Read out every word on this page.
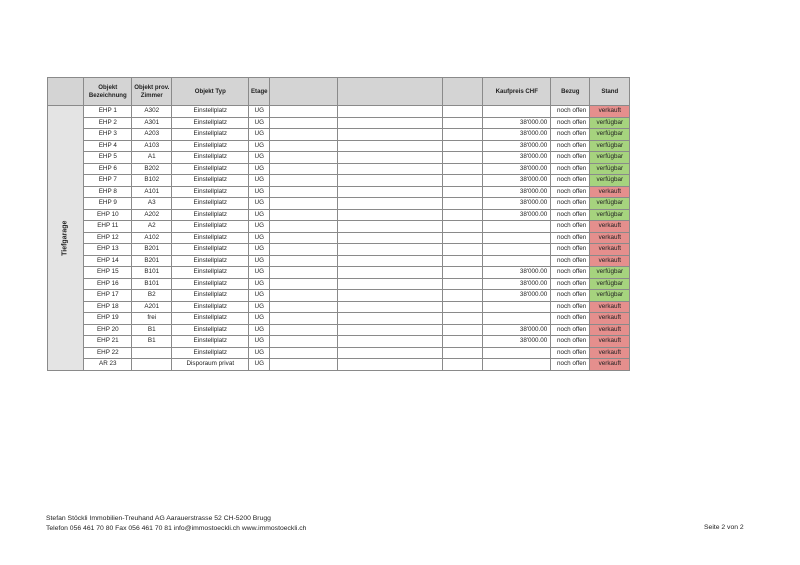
	Objekt Bezeichnung	Objekt prov. Zimmer	Objekt Typ	Etage				Kaufpreis CHF	Bezug	Stand
Tiefgarage	EHP 1	A302	Einstellplatz	UG					noch offen	verkauft
	EHP 2	A301	Einstellplatz	UG				38'000.00	noch offen	verfügbar
	EHP 3	A203	Einstellplatz	UG				38'000.00	noch offen	verfügbar
	EHP 4	A103	Einstellplatz	UG				38'000.00	noch offen	verfügbar
	EHP 5	A1	Einstellplatz	UG				38'000.00	noch offen	verfügbar
	EHP 6	B202	Einstellplatz	UG				38'000.00	noch offen	verfügbar
	EHP 7	B102	Einstellplatz	UG				38'000.00	noch offen	verfügbar
	EHP 8	A101	Einstellplatz	UG				38'000.00	noch offen	verkauft
	EHP 9	A3	Einstellplatz	UG				38'000.00	noch offen	verfügbar
	EHP 10	A202	Einstellplatz	UG				38'000.00	noch offen	verfügbar
	EHP 11	A2	Einstellplatz	UG					noch offen	verkauft
	EHP 12	A102	Einstellplatz	UG					noch offen	verkauft
	EHP 13	B201	Einstellplatz	UG					noch offen	verkauft
	EHP 14	B201	Einstellplatz	UG					noch offen	verkauft
	EHP 15	B101	Einstellplatz	UG				38'000.00	noch offen	verfügbar
	EHP 16	B101	Einstellplatz	UG				38'000.00	noch offen	verfügbar
	EHP 17	B2	Einstellplatz	UG				38'000.00	noch offen	verfügbar
	EHP 18	A201	Einstellplatz	UG					noch offen	verkauft
	EHP 19	frei	Einstellplatz	UG					noch offen	verkauft
	EHP 20	B1	Einstellplatz	UG				38'000.00	noch offen	verkauft
	EHP 21	B1	Einstellplatz	UG				38'000.00	noch offen	verkauft
	EHP 22		Einstellplatz	UG					noch offen	verkauft
	AR 23		Disporaum privat	UG					noch offen	verkauft
Stefan Stöckli Immobilien-Treuhand AG Aarauerstrasse 52 CH-5200 Brugg
Telefon 056 461 70 80 Fax 056 461 70 81 info@immostoeckli.ch www.immostoeckli.ch	Seite 2 von 2
